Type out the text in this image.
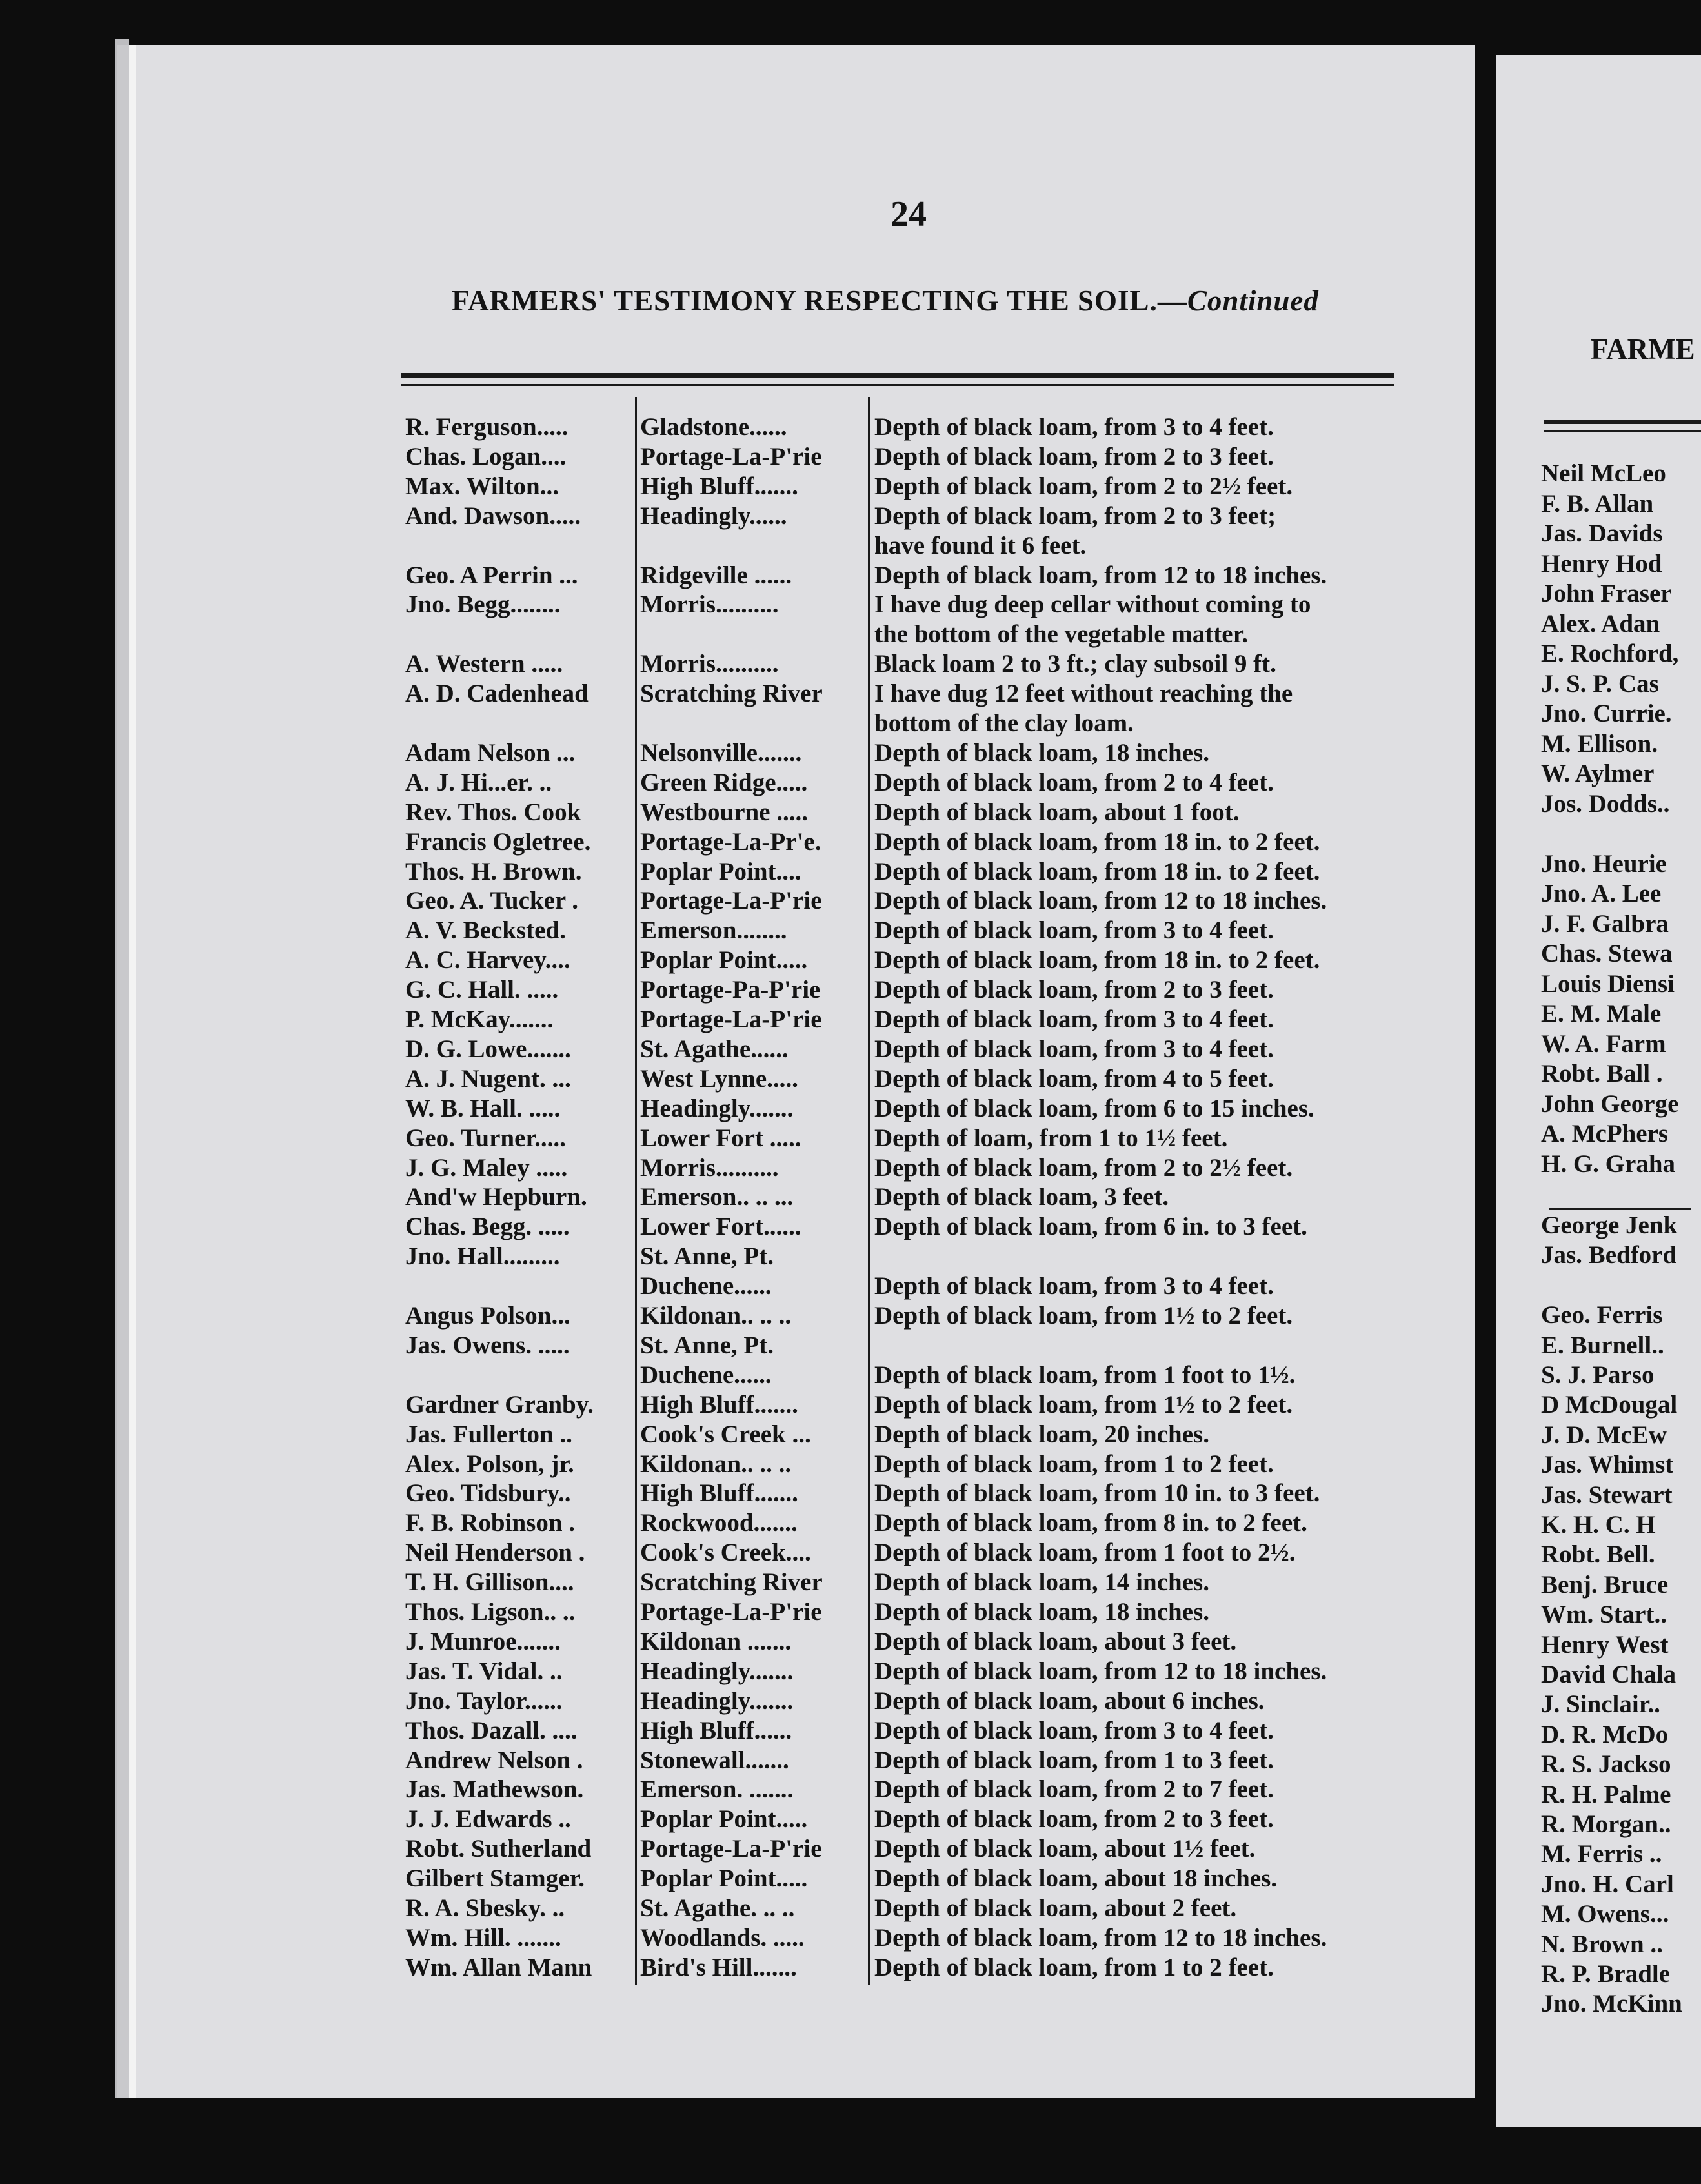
24
FARMERS' TESTIMONY RESPECTING THE SOIL.—Continued
R. Ferguson.....	Gladstone......	Depth of black loam, from 3 to 4 feet.
Chas. Logan....	Portage-La-P'rie Depth of black loam, from 2 to 3 feet.
Max. Wilton...	High Bluff.......	Depth of black loam, from 2 to 2½ feet.
And. Dawson..... Headingly......	Depth of black loam, from 2 to 3 feet;
have found it 6 feet.
Geo. A Perrin ... Ridgeville ......	Depth of black loam, from 12 to 18 inches.
Jno. Begg........	Morris..........	I have dug deep cellar without coming to
the bottom of the vegetable matter.
A. Western .....	Morris..........	Black loam 2 to 3 ft.; clay subsoil 9 ft.
A. D. Cadenhead Scratching River I have dug 12 feet without reaching the
bottom of the clay loam.
Adam Nelson ...	Nelsonville.......	Depth of black loam, 18 inches.
A. J. Hi...er. ..	Green Ridge.....	Depth of black loam, from 2 to 4 feet.
Rev. Thos. Cook Westbourne .....	Depth of black loam, about 1 foot.
Francis Ogletree. Portage-La-Pr'e. Depth of black loam, from 18 in. to 2 feet.
Thos. H. Brown. Poplar Point....	Depth of black loam, from 18 in. to 2 feet.
Geo. A. Tucker . Portage-La-P'rie Depth of black loam, from 12 to 18 inches.
A. V. Becksted.	Emerson........	Depth of black loam, from 3 to 4 feet.
A. C. Harvey....	Poplar Point.....	Depth of black loam, from 18 in. to 2 feet.
G. C. Hall. .....	Portage-Pa-P'rie Depth of black loam, from 2 to 3 feet.
P. McKay.......	Portage-La-P'rie Depth of black loam, from 3 to 4 feet.
D. G. Lowe.......	St. Agathe......	Depth of black loam, from 3 to 4 feet.
A. J. Nugent. ...	West Lynne.....	Depth of black loam, from 4 to 5 feet.
W. B. Hall. .....	Headingly.......	Depth of black loam, from 6 to 15 inches.
Geo. Turner.....	Lower Fort .....	Depth of loam, from 1 to 1½ feet.
J. G. Maley .....	Morris..........	Depth of black loam, from 2 to 2½ feet.
And'w Hepburn. Emerson.. .. ...	Depth of black loam, 3 feet.
Chas. Begg. .....	Lower Fort......	Depth of black loam, from 6 in. to 3 feet.
Jno. Hall.........	St. Anne, Pt.
Duchene......	Depth of black loam, from 3 to 4 feet.
Angus Polson...	Kildonan.. .. ..	Depth of black loam, from 1½ to 2 feet.
Jas. Owens. .....	St. Anne, Pt.
Duchene......	Depth of black loam, from 1 foot to 1½.
Gardner Granby. High Bluff.......	Depth of black loam, from 1½ to 2 feet.
Jas. Fullerton ..	Cook's Creek ...	Depth of black loam, 20 inches.
Alex. Polson, jr.	Kildonan.. .. ..	Depth of black loam, from 1 to 2 feet.
Geo. Tidsbury..	High Bluff.......	Depth of black loam, from 10 in. to 3 feet.
F. B. Robinson .	Rockwood.......	Depth of black loam, from 8 in. to 2 feet.
Neil Henderson . Cook's Creek....	Depth of black loam, from 1 foot to 2½.
T. H. Gillison....	Scratching River Depth of black loam, 14 inches.
Thos. Ligson.. ..	Portage-La-P'rie Depth of black loam, 18 inches.
J. Munroe.......	Kildonan .......	Depth of black loam, about 3 feet.
Jas. T. Vidal. ..	Headingly.......	Depth of black loam, from 12 to 18 inches.
Jno. Taylor......	Headingly.......	Depth of black loam, about 6 inches.
Thos. Dazall. .... High Bluff......	Depth of black loam, from 3 to 4 feet.
Andrew Nelson . Stonewall.......	Depth of black loam, from 1 to 3 feet.
Jas. Mathewson. Emerson. .......	Depth of black loam, from 2 to 7 feet.
J. J. Edwards ..	Poplar Point.....	Depth of black loam, from 2 to 3 feet.
Robt. Sutherland Portage-La-P'rie Depth of black loam, about 1½ feet.
Gilbert Stamger. Poplar Point.....	Depth of black loam, about 18 inches.
R. A. Sbesky. ..	St. Agathe. .. ..	Depth of black loam, about 2 feet.
Wm. Hill. .......	Woodlands. .....	Depth of black loam, from 12 to 18 inches.
Wm. Allan Mann Bird's Hill.......	Depth of black loam, from 1 to 2 feet.
FARME
Neil McLeo
F. B. Allan
Jas. Davids
Henry Hod
John Fraser
Alex. Adan
E. Rochford,
J. S. P. Cas
Jno. Currie.
M. Ellison.
W. Aylmer
Jos. Dodds..
Jno. Heurie
Jno. A. Lee
J. F. Galbra
Chas. Stewa
Louis Diensi
E. M. Male
W. A. Farm
Robt. Ball .
John George
A. McPhers
H. G. Graha
George Jenk
Jas. Bedford
Geo. Ferris
E. Burnell..
S. J. Parso
D McDougal
J. D. McEw
Jas. Whimst
Jas. Stewart
K. H. C. H
Robt. Bell.
Benj. Bruce
Wm. Start..
Henry West
David Chala
J. Sinclair..
D. R. McDo
R. S. Jackso
R. H. Palme
R. Morgan..
M. Ferris ..
Jno. H. Carl
M. Owens...
N. Brown ..
R. P. Bradle
Jno. McKinn
